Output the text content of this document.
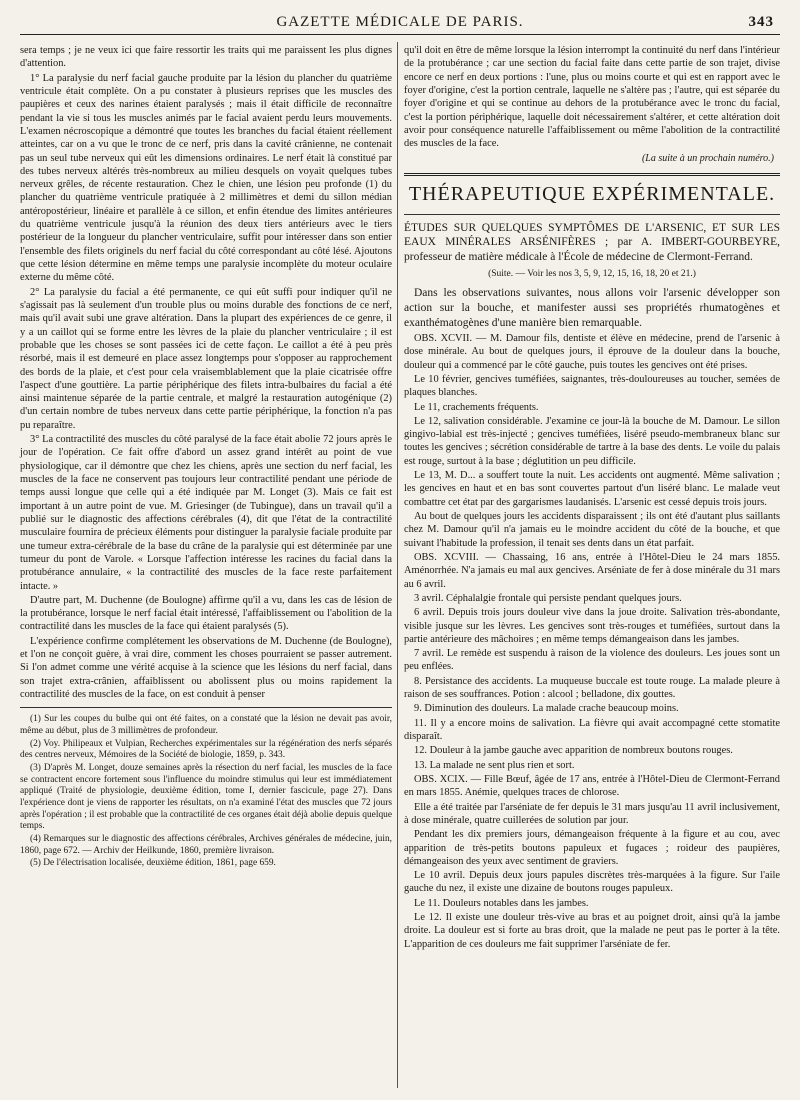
GAZETTE MÉDICALE DE PARIS.	343

sera temps ; je ne veux ici que faire ressortir les traits qui me paraissent les plus dignes d'attention.

1° La paralysie du nerf facial gauche produite par la lésion du plancher du quatrième ventricule était complète. On a pu constater à plusieurs reprises que les muscles des paupières et ceux des narines étaient paralysés ; mais il était difficile de reconnaître pendant la vie si tous les muscles animés par le facial avaient perdu leurs mouvements. L'examen nécroscopique a démontré que toutes les branches du facial étaient réellement atteintes, car on a vu que le tronc de ce nerf, pris dans la cavité crânienne, ne contenait pas un seul tube nerveux qui eût les dimensions ordinaires. Le nerf était là constitué par des tubes nerveux altérés très-nombreux au milieu desquels on voyait quelques tubes nerveux grêles, de récente restauration. Chez le chien, une lésion peu profonde (1) du plancher du quatrième ventricule pratiquée à 2 millimètres et demi du sillon médian antéropostérieur, linéaire et parallèle à ce sillon, et enfin étendue des limites antérieures du quatrième ventricule jusqu'à la réunion des deux tiers antérieurs avec le tiers postérieur de la longueur du plancher ventriculaire, suffit pour intéresser dans son entier l'ensemble des filets originels du nerf facial du côté correspondant au côté lésé. Ajoutons que cette lésion détermine en même temps une paralysie incomplète du moteur oculaire externe du même côté.

2° La paralysie du facial a été permanente, ce qui eût suffi pour indiquer qu'il ne s'agissait pas là seulement d'un trouble plus ou moins durable des fonctions de ce nerf, mais qu'il avait subi une grave altération. Dans la plupart des expériences de ce genre, il y a un caillot qui se forme entre les lèvres de la plaie du plancher ventriculaire ; il est probable que les choses se sont passées ici de cette façon. Le caillot a été à peu près résorbé, mais il est demeuré en place assez longtemps pour s'opposer au rapprochement des bords de la plaie, et c'est pour cela vraisemblablement que la plaie cicatrisée offre l'aspect d'une gouttière. La partie périphérique des filets intra-bulbaires du facial a été ainsi maintenue séparée de la partie centrale, et malgré la restauration autogénique (2) d'un certain nombre de tubes nerveux dans cette partie périphérique, la fonction n'a pas pu reparaître.

3° La contractilité des muscles du côté paralysé de la face était abolie 72 jours après le jour de l'opération. Ce fait offre d'abord un assez grand intérêt au point de vue physiologique, car il démontre que chez les chiens, après une section du nerf facial, les muscles de la face ne conservent pas toujours leur contractilité pendant une période de temps aussi longue que celle qui a été indiquée par M. Longet (3). Mais ce fait est important à un autre point de vue. M. Griesinger (de Tubingue), dans un travail qu'il a publié sur le diagnostic des affections cérébrales (4), dit que l'état de la contractilité musculaire fournira de précieux éléments pour distinguer la paralysie faciale produite par une tumeur extra-cérébrale de la base du crâne de la paralysie qui est déterminée par une tumeur du pont de Varole. « Lorsque l'affection intéresse les racines du facial dans la protubérance annulaire, « la contractilité des muscles de la face reste parfaitement intacte. »

D'autre part, M. Duchenne (de Boulogne) affirme qu'il a vu, dans les cas de lésion de la protubérance, lorsque le nerf facial était intéressé, l'affaiblissement ou l'abolition de la contractilité dans les muscles de la face qui étaient paralysés (5).

L'expérience confirme complétement les observations de M. Duchenne (de Boulogne), et l'on ne conçoit guère, à vrai dire, comment les choses pourraient se passer autrement. Si l'on admet comme une vérité acquise à la science que les lésions du nerf facial, dans son trajet extra-crânien, affaiblissent ou abolissent plus ou moins rapidement la contractilité des muscles de la face, on est conduit à penser

(1) Sur les coupes du bulbe qui ont été faites, on a constaté que la lésion ne devait pas avoir, même au début, plus de 3 millimètres de profondeur.

(2) Voy. Philipeaux et Vulpian, Recherches expérimentales sur la régénération des nerfs séparés des centres nerveux, Mémoires de la Société de biologie, 1859, p. 343.

(3) D'après M. Longet, douze semaines après la résection du nerf facial, les muscles de la face se contractent encore fortement sous l'influence du moindre stimulus qui leur est immédiatement appliqué (Traité de physiologie, deuxième édition, tome I, dernier fascicule, page 27). Dans l'expérience dont je viens de rapporter les résultats, on n'a examiné l'état des muscles que 72 jours après l'opération ; il est probable que la contractilité de ces organes était déjà abolie depuis quelque temps.

(4) Remarques sur le diagnostic des affections cérébrales, Archives générales de médecine, juin, 1860, page 672. — Archiv der Heilkunde, 1860, première livraison.

(5) De l'électrisation localisée, deuxième édition, 1861, page 659.

qu'il doit en être de même lorsque la lésion interrompt la continuité du nerf dans l'intérieur de la protubérance ; car une section du facial faite dans cette partie de son trajet, divise encore ce nerf en deux portions : l'une, plus ou moins courte et qui est en rapport avec le foyer d'origine, c'est la portion centrale, laquelle ne s'altère pas ; l'autre, qui est séparée du foyer d'origine et qui se continue au dehors de la protubérance avec le tronc du facial, c'est la portion périphérique, laquelle doit nécessairement s'altérer, et cette altération doit avoir pour conséquence naturelle l'affaiblissement ou même l'abolition de la contractilité des muscles de la face.

(La suite à un prochain numéro.)
THÉRAPEUTIQUE EXPÉRIMENTALE.

ÉTUDES SUR QUELQUES SYMPTÔMES DE L'ARSENIC, ET SUR LES EAUX MINÉRALES ARSÉNIFÈRES ; par A. IMBERT-GOURBEYRE, professeur de matière médicale à l'École de médecine de Clermont-Ferrand.

(Suite. — Voir les nos 3, 5, 9, 12, 15, 16, 18, 20 et 21.)

Dans les observations suivantes, nous allons voir l'arsenic développer son action sur la bouche, et manifester aussi ses propriétés rhumatogènes et exanthématogènes d'une manière bien remarquable.

OBS. XCVII. — M. Damour fils, dentiste et élève en médecine, prend de l'arsenic à dose minérale. Au bout de quelques jours, il éprouve de la douleur dans la bouche, douleur qui a commencé par le côté gauche, puis toutes les gencives ont été prises.

Le 10 février, gencives tuméfiées, saignantes, très-douloureuses au toucher, semées de plaques blanches.

Le 11, crachements fréquents.

Le 12, salivation considérable. J'examine ce jour-là la bouche de M. Damour. Le sillon gingivo-labial est très-injecté ; gencives tuméfiées, liséré pseudo-membraneux blanc sur toutes les gencives ; sécrétion considérable de tartre à la base des dents. Le voile du palais est rouge, surtout à la base ; déglutition un peu difficile.

Le 13, M. D... a souffert toute la nuit. Les accidents ont augmenté. Même salivation ; les gencives en haut et en bas sont couvertes partout d'un liséré blanc. Le malade veut combattre cet état par des gargarismes laudanisés. L'arsenic est cessé depuis trois jours.

Au bout de quelques jours les accidents disparaissent ; ils ont été d'autant plus saillants chez M. Damour qu'il n'a jamais eu le moindre accident du côté de la bouche, et que suivant l'habitude la profession, il tenait ses dents dans un état parfait.

OBS. XCVIII. — Chassaing, 16 ans, entrée à l'Hôtel-Dieu le 24 mars 1855. Aménorrhée. N'a jamais eu mal aux gencives. Arséniate de fer à dose minérale du 31 mars au 6 avril.

3 avril. Céphalalgie frontale qui persiste pendant quelques jours.

6 avril. Depuis trois jours douleur vive dans la joue droite. Salivation très-abondante, visible jusque sur les lèvres. Les gencives sont très-rouges et tuméfiées, surtout dans la partie antérieure des mâchoires ; en même temps démangeaison dans les jambes.

7 avril. Le remède est suspendu à raison de la violence des douleurs. Les joues sont un peu enflées.

8. Persistance des accidents. La muqueuse buccale est toute rouge. La malade pleure à raison de ses souffrances. Potion : alcool ; belladone, dix gouttes.

9. Diminution des douleurs. La malade crache beaucoup moins.

11. Il y a encore moins de salivation. La fièvre qui avait accompagné cette stomatite disparaît.

12. Douleur à la jambe gauche avec apparition de nombreux boutons rouges.

13. La malade ne sent plus rien et sort.

OBS. XCIX. — Fille Bœuf, âgée de 17 ans, entrée à l'Hôtel-Dieu de Clermont-Ferrand en mars 1855. Anémie, quelques traces de chlorose.

Elle a été traitée par l'arséniate de fer depuis le 31 mars jusqu'au 11 avril inclusivement, à dose minérale, quatre cuillerées de solution par jour.

Pendant les dix premiers jours, démangeaison fréquente à la figure et au cou, avec apparition de très-petits boutons papuleux et fugaces ; roideur des paupières, démangeaison des yeux avec sentiment de graviers.

Le 10 avril. Depuis deux jours papules discrètes très-marquées à la figure. Sur l'aile gauche du nez, il existe une dizaine de boutons rouges papuleux.

Le 11. Douleurs notables dans les jambes.

Le 12. Il existe une douleur très-vive au bras et au poignet droit, ainsi qu'à la jambe droite. La douleur est si forte au bras droit, que la malade ne peut pas le porter à la tête. L'apparition de ces douleurs me fait supprimer l'arséniate de fer.
